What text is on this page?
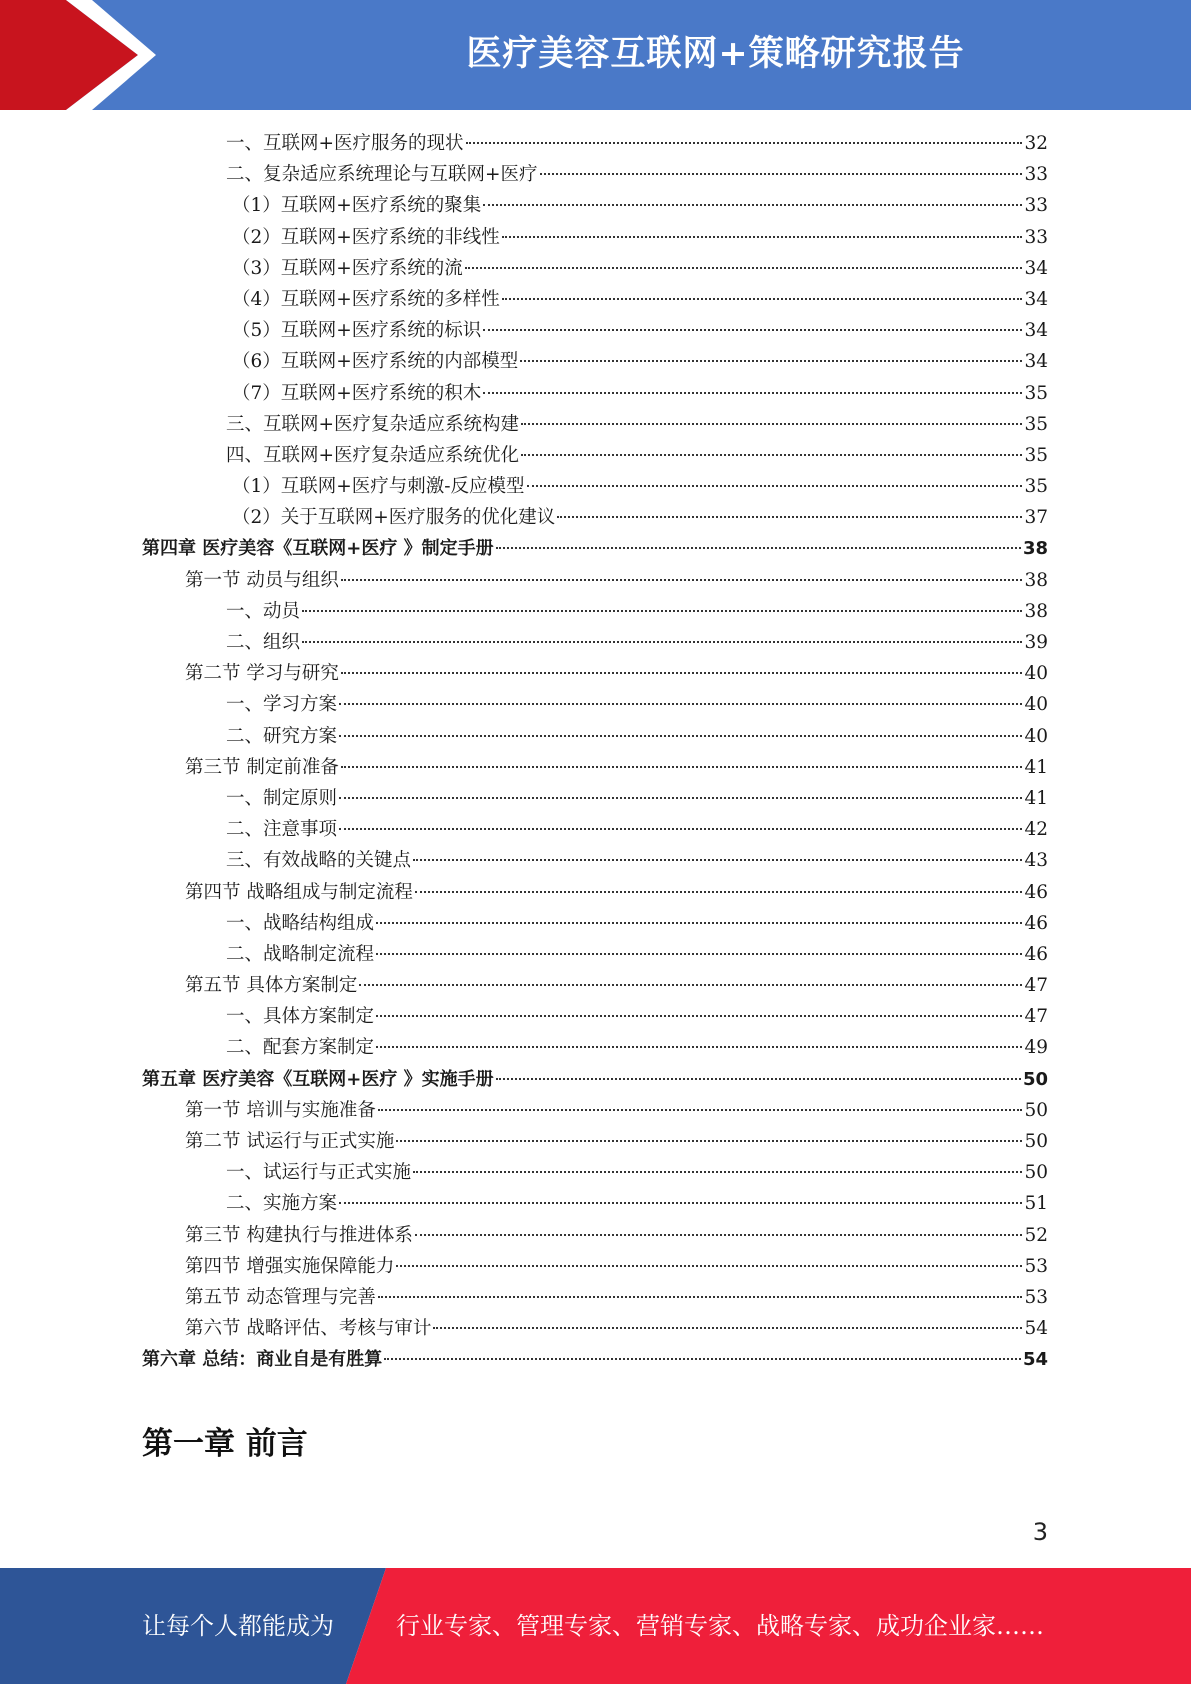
医疗美容互联网+策略研究报告
一、互联网+医疗服务的现状	32
二、复杂适应系统理论与互联网+医疗	33
（1）互联网+医疗系统的聚集	33
（2）互联网+医疗系统的非线性	33
（3）互联网+医疗系统的流	34
（4）互联网+医疗系统的多样性	34
（5）互联网+医疗系统的标识	34
（6）互联网+医疗系统的内部模型	34
（7）互联网+医疗系统的积木	35
三、互联网+医疗复杂适应系统构建	35
四、互联网+医疗复杂适应系统优化	35
（1）互联网+医疗与刺激-反应模型	35
（2）关于互联网+医疗服务的优化建议	37
第四章 医疗美容《互联网+医疗 》制定手册	38
第一节 动员与组织	38
一、动员	38
二、组织	39
第二节 学习与研究	40
一、学习方案	40
二、研究方案	40
第三节 制定前准备	41
一、制定原则	41
二、注意事项	42
三、有效战略的关键点	43
第四节 战略组成与制定流程	46
一、战略结构组成	46
二、战略制定流程	46
第五节 具体方案制定	47
一、具体方案制定	47
二、配套方案制定	49
第五章 医疗美容《互联网+医疗 》实施手册	50
第一节 培训与实施准备	50
第二节 试运行与正式实施	50
一、试运行与正式实施	50
二、实施方案	51
第三节 构建执行与推进体系	52
第四节 增强实施保障能力	53
第五节 动态管理与完善	53
第六节 战略评估、考核与审计	54
第六章 总结：商业自是有胜算	54
第一章 前言
3
让每个人都能成为	行业专家、管理专家、营销专家、战略专家、成功企业家……
